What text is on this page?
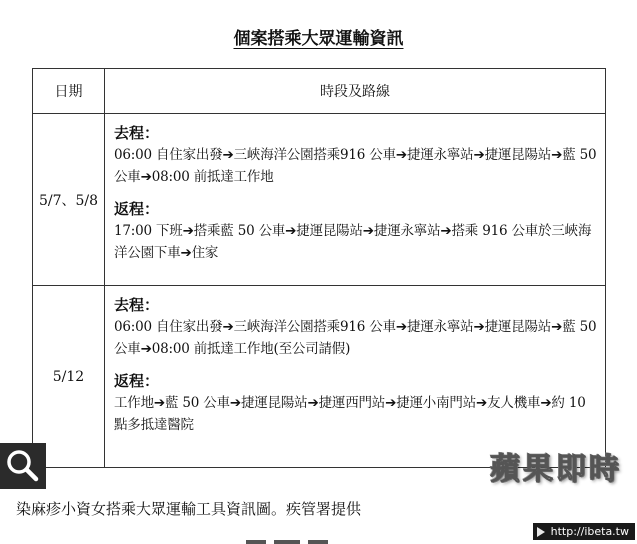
個案搭乘大眾運輸資訊
日期	時段及路線
5/7、5/8	去程：
06:00 自住家出發➔三峽海洋公園搭乘916 公車➔捷運永寧站➔捷運昆陽站➔藍 50 公車➔08:00 前抵達工作地
返程：
17:00 下班➔搭乘藍 50 公車➔捷運昆陽站➔捷運永寧站➔搭乘 916 公車於三峽海洋公園下車➔住家

5/12	去程：
06:00 自住家出發➔三峽海洋公園搭乘916 公車➔捷運永寧站➔捷運昆陽站➔藍 50 公車➔08:00 前抵達工作地(至公司請假)
返程：
工作地➔藍 50 公車➔捷運昆陽站➔捷運西門站➔捷運小南門站➔友人機車➔約 10 點多抵達醫院
蘋果即時
染麻疹小資女搭乘大眾運輸工具資訊圖。疾管署提供
http://ibeta.tw
